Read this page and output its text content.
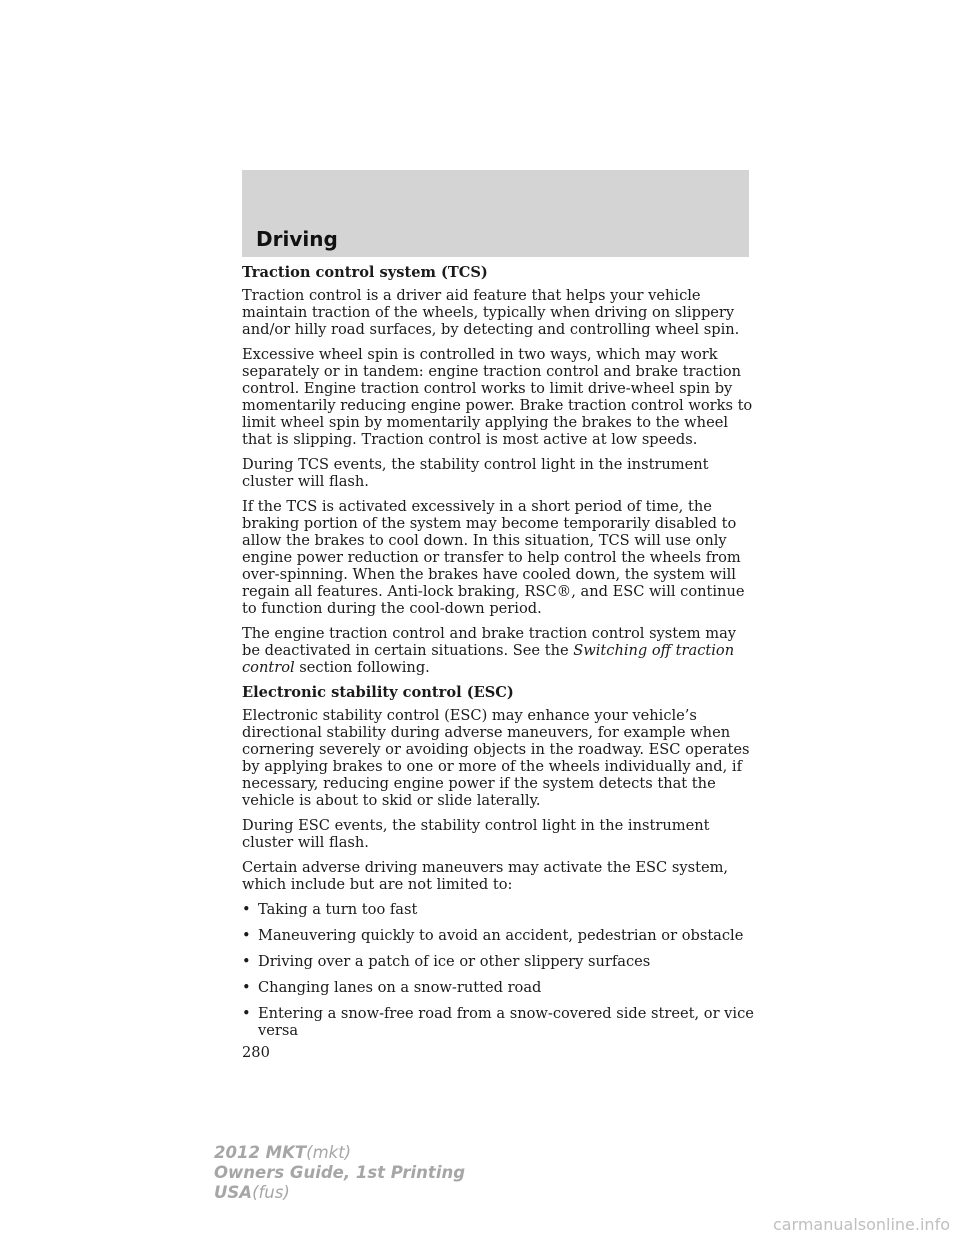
Driving

Traction control system (TCS)

Traction control is a driver aid feature that helps your vehicle maintain traction of the wheels, typically when driving on slippery and/or hilly road surfaces, by detecting and controlling wheel spin.

Excessive wheel spin is controlled in two ways, which may work separately or in tandem: engine traction control and brake traction control. Engine traction control works to limit drive-wheel spin by momentarily reducing engine power. Brake traction control works to limit wheel spin by momentarily applying the brakes to the wheel that is slipping. Traction control is most active at low speeds.

During TCS events, the stability control light in the instrument cluster will flash.

If the TCS is activated excessively in a short period of time, the braking portion of the system may become temporarily disabled to allow the brakes to cool down. In this situation, TCS will use only engine power reduction or transfer to help control the wheels from over-spinning. When the brakes have cooled down, the system will regain all features. Anti-lock braking, RSC®, and ESC will continue to function during the cool-down period.

The engine traction control and brake traction control system may be deactivated in certain situations. See the Switching off traction control section following.

Electronic stability control (ESC)

Electronic stability control (ESC) may enhance your vehicle’s directional stability during adverse maneuvers, for example when cornering severely or avoiding objects in the roadway. ESC operates by applying brakes to one or more of the wheels individually and, if necessary, reducing engine power if the system detects that the vehicle is about to skid or slide laterally.

During ESC events, the stability control light in the instrument cluster will flash.

Certain adverse driving maneuvers may activate the ESC system, which include but are not limited to:

• Taking a turn too fast
• Maneuvering quickly to avoid an accident, pedestrian or obstacle
• Driving over a patch of ice or other slippery surfaces
• Changing lanes on a snow-rutted road
• Entering a snow-free road from a snow-covered side street, or vice versa
280
2012 MKT(mkt)
Owners Guide, 1st Printing
USA(fus)
carmanualsonline.info
